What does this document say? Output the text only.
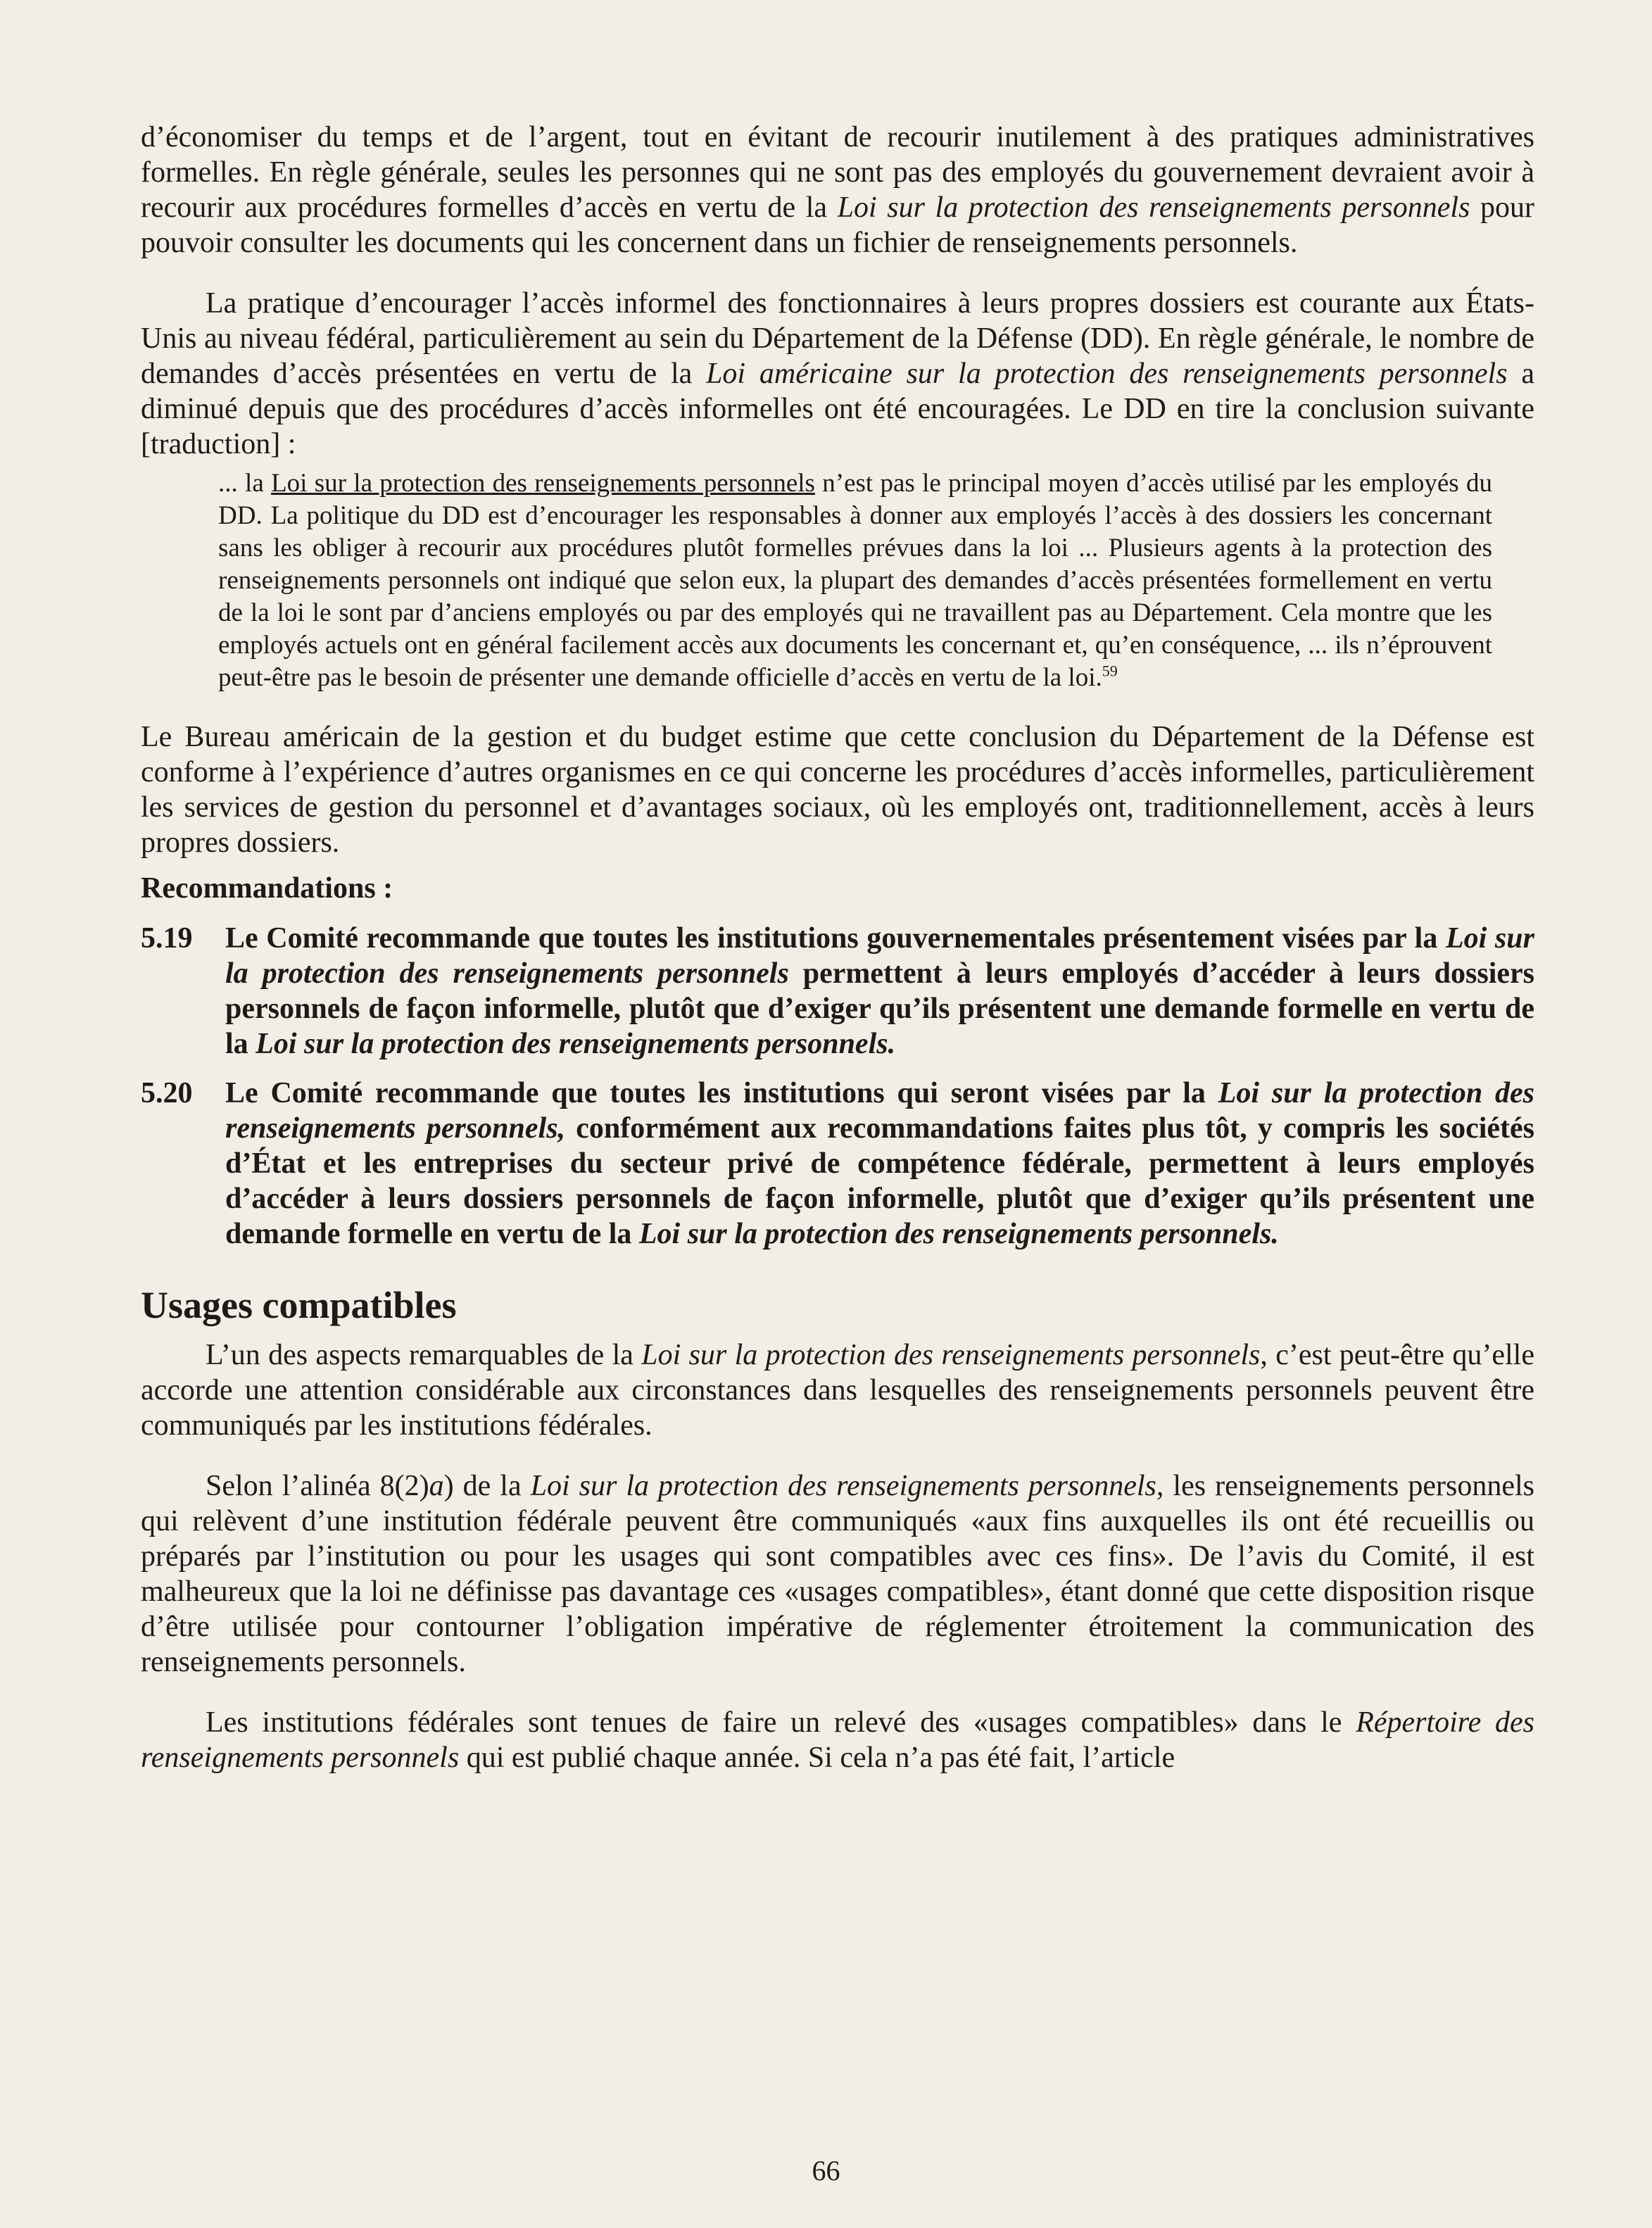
d’économiser du temps et de l’argent, tout en évitant de recourir inutilement à des pratiques administratives formelles. En règle générale, seules les personnes qui ne sont pas des employés du gouvernement devraient avoir à recourir aux procédures formelles d’accès en vertu de la Loi sur la protection des renseignements personnels pour pouvoir consulter les documents qui les concernent dans un fichier de renseignements personnels.

La pratique d’encourager l’accès informel des fonctionnaires à leurs propres dossiers est courante aux États-Unis au niveau fédéral, particulièrement au sein du Département de la Défense (DD). En règle générale, le nombre de demandes d’accès présentées en vertu de la Loi américaine sur la protection des renseignements personnels a diminué depuis que des procédures d’accès informelles ont été encouragées. Le DD en tire la conclusion suivante [traduction] :

... la Loi sur la protection des renseignements personnels n’est pas le principal moyen d’accès utilisé par les employés du DD. La politique du DD est d’encourager les responsables à donner aux employés l’accès à des dossiers les concernant sans les obliger à recourir aux procédures plutôt formelles prévues dans la loi ... Plusieurs agents à la protection des renseignements personnels ont indiqué que selon eux, la plupart des demandes d’accès présentées formellement en vertu de la loi le sont par d’anciens employés ou par des employés qui ne travaillent pas au Département. Cela montre que les employés actuels ont en général facilement accès aux documents les concernant et, qu’en conséquence, ... ils n’éprouvent peut-être pas le besoin de présenter une demande officielle d’accès en vertu de la loi.$^{59}$

Le Bureau américain de la gestion et du budget estime que cette conclusion du Département de la Défense est conforme à l’expérience d’autres organismes en ce qui concerne les procédures d’accès informelles, particulièrement les services de gestion du personnel et d’avantages sociaux, où les employés ont, traditionnellement, accès à leurs propres dossiers.

Recommandations :
5.19	Le Comité recommande que toutes les institutions gouvernementales présentement visées par la Loi sur la protection des renseignements personnels permettent à leurs employés d’accéder à leurs dossiers personnels de façon informelle, plutôt que d’exiger qu’ils présentent une demande formelle en vertu de la Loi sur la protection des renseignements personnels.
5.20	Le Comité recommande que toutes les institutions qui seront visées par la Loi sur la protection des renseignements personnels, conformément aux recommandations faites plus tôt, y compris les sociétés d’État et les entreprises du secteur privé de compétence fédérale, permettent à leurs employés d’accéder à leurs dossiers personnels de façon informelle, plutôt que d’exiger qu’ils présentent une demande formelle en vertu de la Loi sur la protection des renseignements personnels.
Usages compatibles

L’un des aspects remarquables de la Loi sur la protection des renseignements personnels, c’est peut-être qu’elle accorde une attention considérable aux circonstances dans lesquelles des renseignements personnels peuvent être communiqués par les institutions fédérales.

Selon l’alinéa 8(2)a) de la Loi sur la protection des renseignements personnels, les renseignements personnels qui relèvent d’une institution fédérale peuvent être communiqués «aux fins auxquelles ils ont été recueillis ou préparés par l’institution ou pour les usages qui sont compatibles avec ces fins». De l’avis du Comité, il est malheureux que la loi ne définisse pas davantage ces «usages compatibles», étant donné que cette disposition risque d’être utilisée pour contourner l’obligation impérative de réglementer étroitement la communication des renseignements personnels.

Les institutions fédérales sont tenues de faire un relevé des «usages compatibles» dans le Répertoire des renseignements personnels qui est publié chaque année. Si cela n’a pas été fait, l’article

66
